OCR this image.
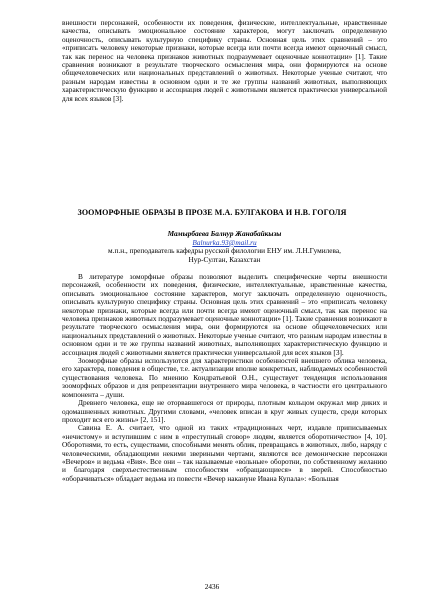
внешности персонажей, особенности их поведения, физические, интеллектуальные, нравственные качества, описывать эмоциональное состояние характеров, могут заключать определенную оценочность, описывать культурную специфику страны. Основная цель этих сравнений – это «приписать человеку некоторые признаки, которые всегда или почти всегда имеют оценочный смысл, так как перенос на человека признаков животных подразумевает оценочные коннотации» [1]. Такие сравнения возникают в результате творческого осмысления мира, они формируются на основе общечеловеческих или национальных представлений о животных. Некоторые ученые считают, что разным народам известны в основном одни и те же группы названий животных, выполняющих характеристическую функцию и ассоциация людей с животными является практически универсальной для всех языков [3].

ЗООМОРФНЫЕ ОБРАЗЫ В ПРОЗЕ М.А. БУЛГАКОВА И Н.В. ГОГОЛЯ
Мамырбаева Балнур Жанабайкызы
Balnurka.93@mail.ru
м.п.н., преподаватель кафедры русской филологии ЕНУ им. Л.Н.Гумилева,
Нур-Султан, Казахстан

В литературе зоморфные образы позволяют выделить специфические черты внешности персонажей, особенности их поведения, физические, интеллектуальные, нравственные качества, описывать эмоциональное состояние характеров, могут заключать определенную оценочность, описывать культурную специфику страны. Основная цель этих сравнений – это «приписать человеку некоторые признаки, которые всегда или почти всегда имеют оценочный смысл, так как перенос на человека признаков животных подразумевает оценочные коннотации» [1]. Такие сравнения возникают в результате творческого осмысления мира, они формируются на основе общечеловеческих или национальных представлений о животных. Некоторые ученые считают, что разным народам известны в основном одни и те же группы названий животных, выполняющих характеристическую функцию и ассоциация людей с животными является практически универсальной для всех языков [3].

Зооморфные образы используются для характеристики особенностей внешнего облика человека, его характера, поведения в обществе, т.е. актуализации вполне конкретных, наблюдаемых особенностей существования человека. По мнению Кондратьевой О.Н., существует тенденция использования зооморфных образов и для репрезентации внутреннего мира человека, в частности его центрального компонента – души.

Древнего человека, еще не оторвавшегося от природы, плотным кольцом окружал мир диких и одомашненных животных. Другими словами, «человек вписан в круг живых существ, среди которых проходит вся его жизнь» [2, 151].

Савина Е. А. считает, что одной из таких «традиционных черт, издавле приписываемых «нечистому» и вступившим с ним в «преступный сговор» людям, является оборотничество» [4, 10]. Оборотнями, то есть, существами, способными менять облик, превращаясь в животных, либо, наряду с человеческими, обладающими некими звериными чертами, являются все демонические персонажи «Вечеров» и ведьма «Вия». Все они – так называемые «вольные» оборотни, по собственному желанию и благодаря сверхъестественным способностям «обращающиеся» в зверей. Способностью «оборачиваться» обладает ведьма из повести «Вечер накануне Ивана Купала»: «Большая

2436
